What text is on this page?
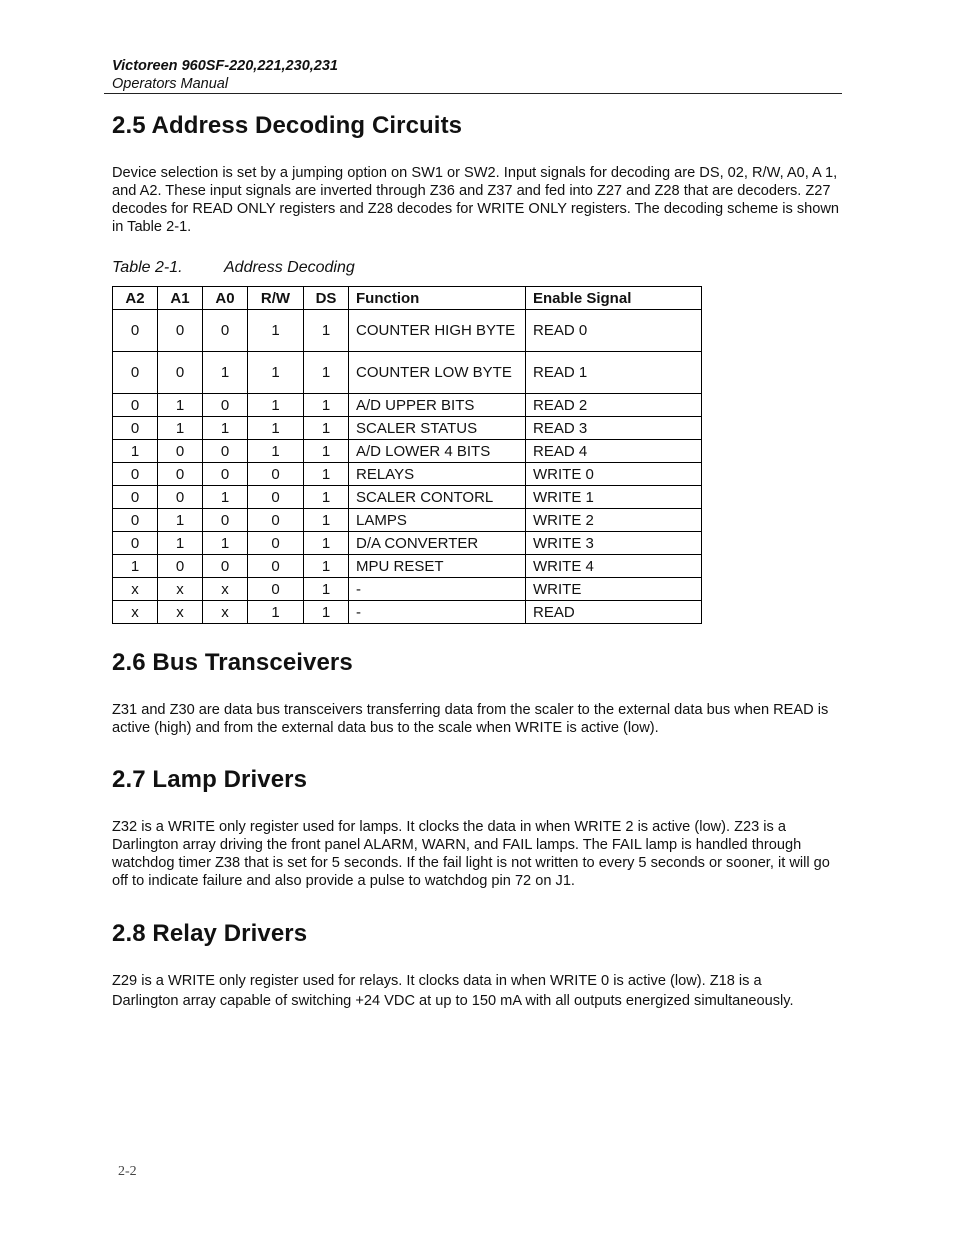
Victoreen 960SF-220,221,230,231
Operators Manual
2.5 Address Decoding Circuits

Device selection is set by a jumping option on SW1 or SW2. Input signals for decoding are DS, 02, R/W, A0, A 1, and A2. These input signals are inverted through Z36 and Z37 and fed into Z27 and Z28 that are decoders. Z27 decodes for READ ONLY registers and Z28 decodes for WRITE ONLY registers. The decoding scheme is shown in Table 2-1.

Table 2-1.	Address Decoding
A2	A1	A0	R/W	DS	Function	Enable Signal
0	0	0	1	1	COUNTER HIGH BYTE	READ 0
0	0	1	1	1	COUNTER LOW BYTE	READ 1
0	1	0	1	1	A/D UPPER BITS	READ 2
0	1	1	1	1	SCALER STATUS	READ 3
1	0	0	1	1	A/D LOWER 4 BITS	READ 4
0	0	0	0	1	RELAYS	WRITE 0
0	0	1	0	1	SCALER CONTORL	WRITE 1
0	1	0	0	1	LAMPS	WRITE 2
0	1	1	0	1	D/A CONVERTER	WRITE 3
1	0	0	0	1	MPU RESET	WRITE 4
x	x	x	0	1	-	WRITE
x	x	x	1	1	-	READ
2.6 Bus Transceivers

Z31 and Z30 are data bus transceivers transferring data from the scaler to the external data bus when READ is active (high) and from the external data bus to the scale when WRITE is active (low).

2.7 Lamp Drivers

Z32 is a WRITE only register used for lamps. It clocks the data in when WRITE 2 is active (low). Z23 is a Darlington array driving the front panel ALARM, WARN, and FAIL lamps. The FAIL lamp is handled through watchdog timer Z38 that is set for 5 seconds. If the fail light is not written to every 5 seconds or sooner, it will go off to indicate failure and also provide a pulse to watchdog pin 72 on J1.

2.8 Relay Drivers

Z29 is a WRITE only register used for relays. It clocks data in when WRITE 0 is active (low). Z18 is a Darlington array capable of switching +24 VDC at up to 150 mA with all outputs energized simultaneously.

2-2
